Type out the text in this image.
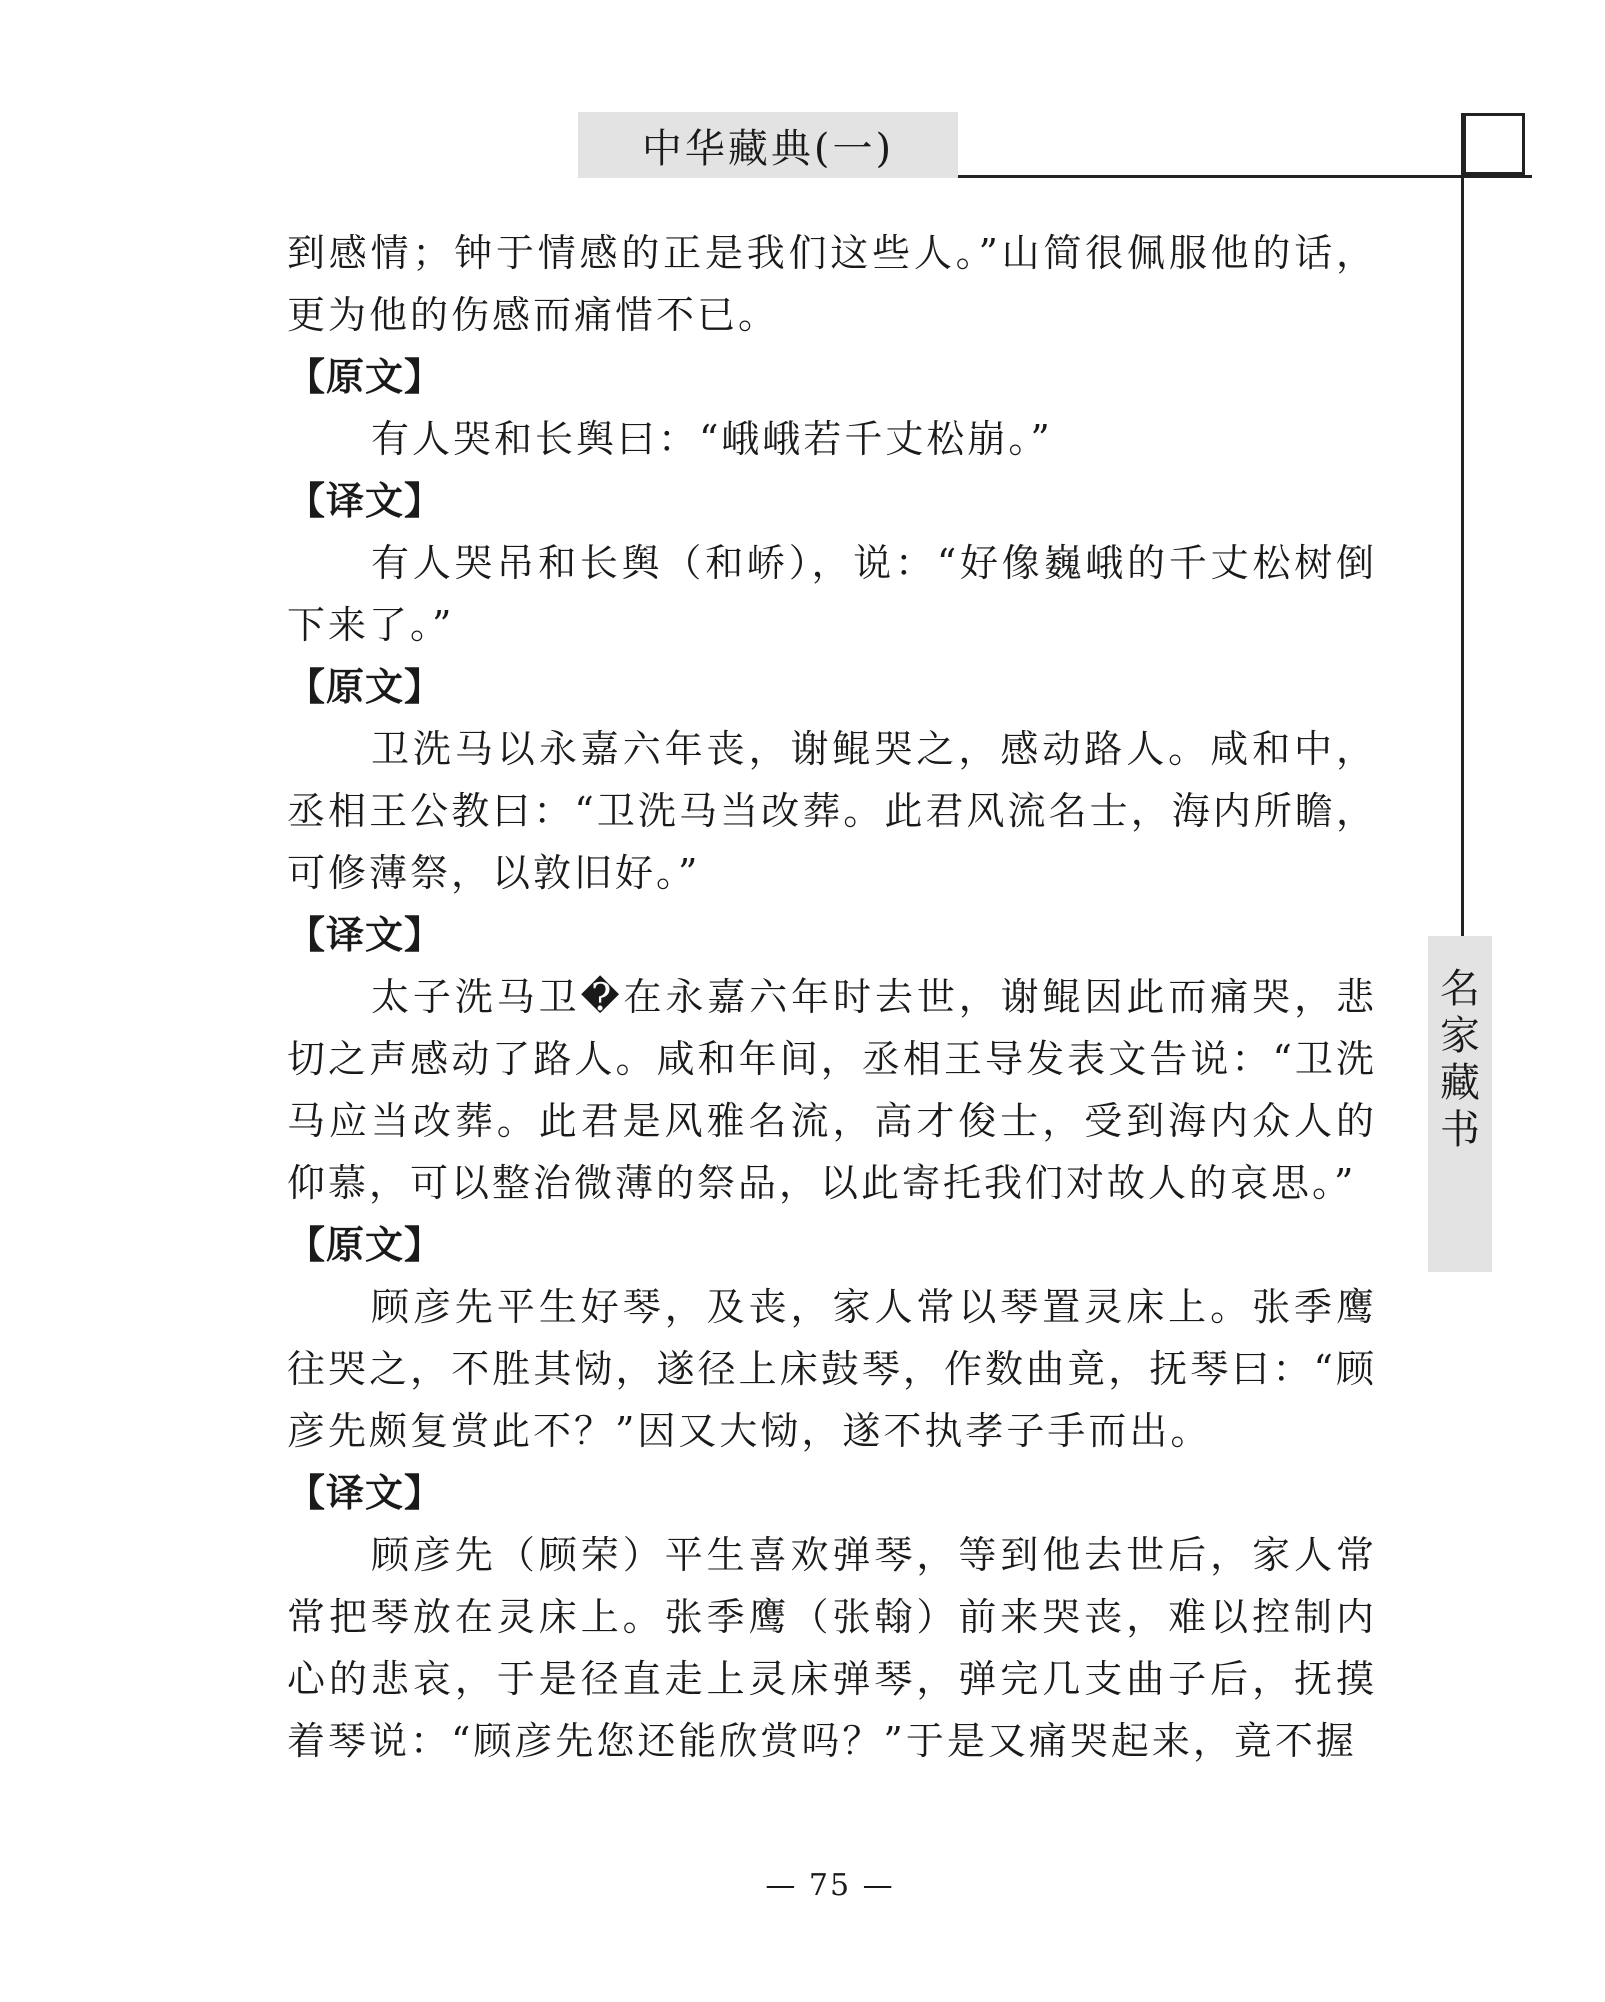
中华藏典(一)
名
家
藏
书

到感情；钟于情感的正是我们这些人。”山简很佩服他的话，更为他的伤感而痛惜不已。

【原文】

有人哭和长舆曰：“峨峨若千丈松崩。”

【译文】

有人哭吊和长舆（和峤），说：“好像巍峨的千丈松树倒下来了。”

【原文】

卫洗马以永嘉六年丧，谢鲲哭之，感动路人。咸和中，丞相王公教曰：“卫洗马当改葬。此君风流名士，海内所瞻，可修薄祭，以敦旧好。”

【译文】

太子洗马卫�在永嘉六年时去世，谢鲲因此而痛哭，悲切之声感动了路人。咸和年间，丞相王导发表文告说：“卫洗马应当改葬。此君是风雅名流，高才俊士，受到海内众人的仰慕，可以整治微薄的祭品，以此寄托我们对故人的哀思。”

【原文】

顾彦先平生好琴，及丧，家人常以琴置灵床上。张季鹰往哭之，不胜其恸，遂径上床鼓琴，作数曲竟，抚琴曰：“顾彦先颇复赏此不？”因又大恸，遂不执孝子手而出。

【译文】

顾彦先（顾荣）平生喜欢弹琴，等到他去世后，家人常常把琴放在灵床上。张季鹰（张翰）前来哭丧，难以控制内心的悲哀，于是径直走上灵床弹琴，弹完几支曲子后，抚摸着琴说：“顾彦先您还能欣赏吗？”于是又痛哭起来，竟不握

— 75 —
